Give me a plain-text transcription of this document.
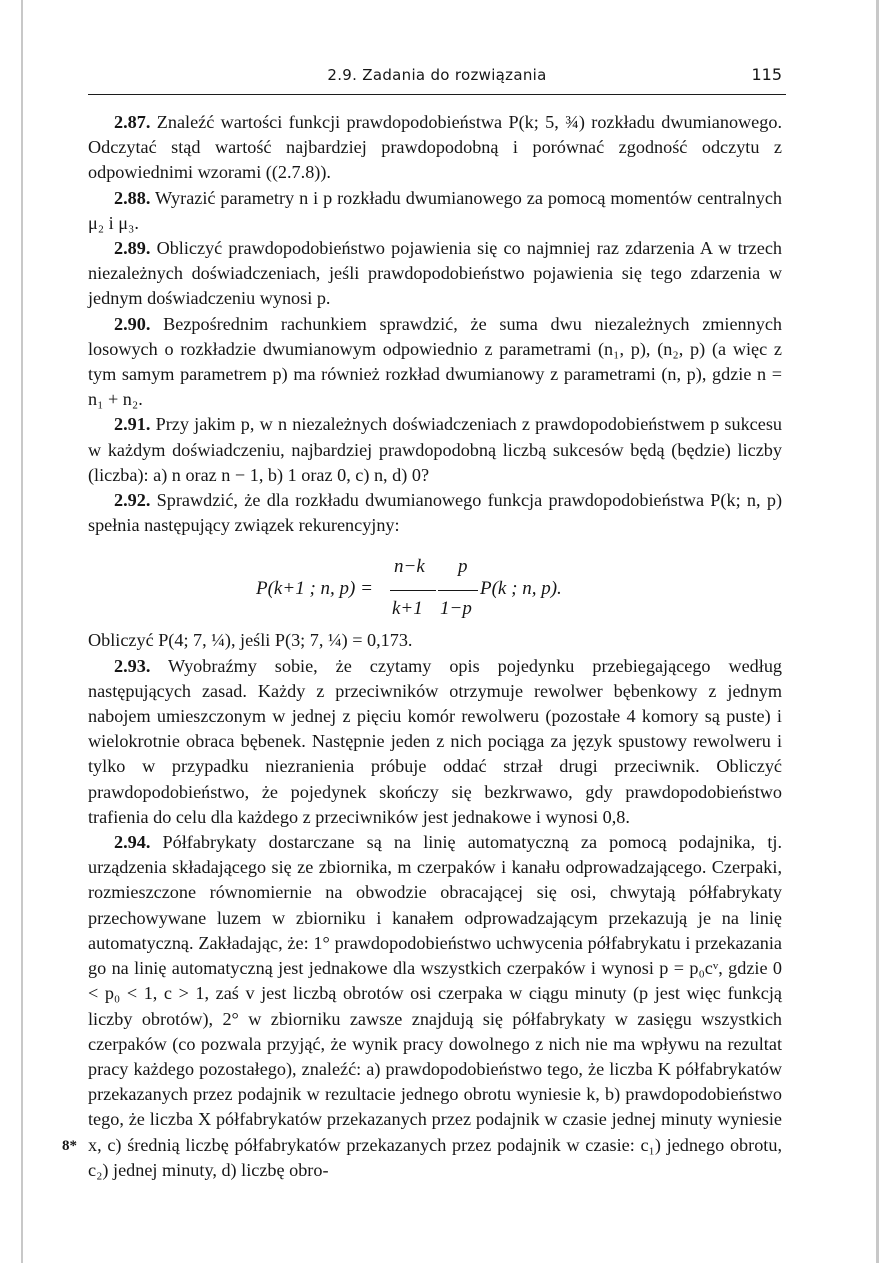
2.9. Zadania do rozwiązania	115

2.87. Znaleźć wartości funkcji prawdopodobieństwa P(k; 5, ¾) rozkładu dwumianowego. Odczytać stąd wartość najbardziej prawdopodobną i porównać zgodność odczytu z odpowiednimi wzorami ((2.7.8)).

2.88. Wyrazić parametry n i p rozkładu dwumianowego za pomocą momentów centralnych μ₂ i μ₃.

2.89. Obliczyć prawdopodobieństwo pojawienia się co najmniej raz zdarzenia A w trzech niezależnych doświadczeniach, jeśli prawdopodobieństwo pojawienia się tego zdarzenia w jednym doświadczeniu wynosi p.

2.90. Bezpośrednim rachunkiem sprawdzić, że suma dwu niezależnych zmiennych losowych o rozkładzie dwumianowym odpowiednio z parametrami (n₁, p), (n₂, p) (a więc z tym samym parametrem p) ma również rozkład dwumianowy z parametrami (n, p), gdzie n = n₁ + n₂.

2.91. Przy jakim p, w n niezależnych doświadczeniach z prawdopodobieństwem p sukcesu w każdym doświadczeniu, najbardziej prawdopodobną liczbą sukcesów będą (będzie) liczby (liczba): a) n oraz n − 1, b) 1 oraz 0, c) n, d) 0?

2.92. Sprawdzić, że dla rozkładu dwumianowego funkcja prawdopodobieństwa P(k; n, p) spełnia następujący związek rekurencyjny:

P(k+1 ; n, p) =
n−k
k+1
p
1−p
P(k ; n, p).

Obliczyć P(4; 7, ¼), jeśli P(3; 7, ¼) = 0,173.

2.93. Wyobraźmy sobie, że czytamy opis pojedynku przebiegającego według następujących zasad. Każdy z przeciwników otrzymuje rewolwer bębenkowy z jednym nabojem umieszczonym w jednej z pięciu komór rewolweru (pozostałe 4 komory są puste) i wielokrotnie obraca bębenek. Następnie jeden z nich pociąga za język spustowy rewolweru i tylko w przypadku niezranienia próbuje oddać strzał drugi przeciwnik. Obliczyć prawdopodobieństwo, że pojedynek skończy się bezkrwawo, gdy prawdopodobieństwo trafienia do celu dla każdego z przeciwników jest jednakowe i wynosi 0,8.

2.94. Półfabrykaty dostarczane są na linię automatyczną za pomocą podajnika, tj. urządzenia składającego się ze zbiornika, m czerpaków i kanału odprowadzającego. Czerpaki, rozmieszczone równomiernie na obwodzie obracającej się osi, chwytają półfabrykaty przechowywane luzem w zbiorniku i kanałem odprowadzającym przekazują je na linię automatyczną. Zakładając, że: 1° prawdopodobieństwo uchwycenia półfabrykatu i przekazania go na linię automatyczną jest jednakowe dla wszystkich czerpaków i wynosi p = p₀cᵛ, gdzie 0 < p₀ < 1, c > 1, zaś v jest liczbą obrotów osi czerpaka w ciągu minuty (p jest więc funkcją liczby obrotów), 2° w zbiorniku zawsze znajdują się półfabrykaty w zasięgu wszystkich czerpaków (co pozwala przyjąć, że wynik pracy dowolnego z nich nie ma wpływu na rezultat pracy każdego pozostałego), znaleźć: a) prawdopodobieństwo tego, że liczba K półfabrykatów przekazanych przez podajnik w rezultacie jednego obrotu wyniesie k, b) prawdopodobieństwo tego, że liczba X półfabrykatów przekazanych przez podajnik w czasie jednej minuty wyniesie x, c) średnią liczbę półfabrykatów przekazanych przez podajnik w czasie: c₁) jednego obrotu, c₂) jednej minuty, d) liczbę obro-

8*
